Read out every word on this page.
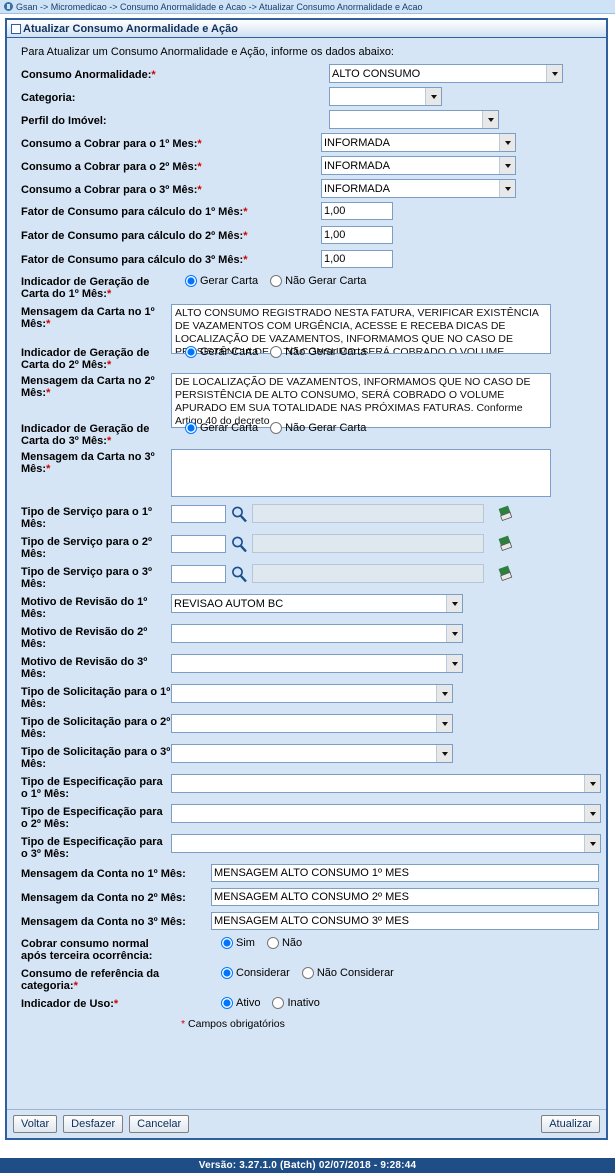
Gsan -> Micromedicao -> Consumo Anormalidade e Acao -> Atualizar Consumo Anormalidade e Acao
Atualizar Consumo Anormalidade e Ação
Para Atualizar um Consumo Anormalidade e Ação, informe os dados abaixo:
Consumo Anormalidade:*
ALTO CONSUMO
Categoria:
Perfil do Imóvel:
Consumo a Cobrar para o 1º Mes:*
INFORMADA
Consumo a Cobrar para o 2º Mês:*
INFORMADA
Consumo a Cobrar para o 3º Mês:*
INFORMADA
Fator de Consumo para cálculo do 1º Mês:*
1,00
Fator de Consumo para cálculo do 2º Mês:*
1,00
Fator de Consumo para cálculo do 3º Mês:*
1,00
Indicador de Geração de Carta do 1º Mês:*
Gerar Carta Não Gerar Carta
Mensagem da Carta no 1º Mês:*
ALTO CONSUMO REGISTRADO NESTA FATURA, VERIFICAR EXISTÊNCIA DE VAZAMENTOS COM URGÊNCIA, ACESSE E RECEBA DICAS DE LOCALIZAÇÃO DE VAZAMENTOS, INFORMAMOS QUE NO CASO DE PERSISTÊNCIA DE ALTO CONSUMO, SERÁ COBRADO O VOLUME APURADO EM SUA TOTALIDADE.
Indicador de Geração de Carta do 2º Mês:*
Gerar Carta Não Gerar Carta
Mensagem da Carta no 2º Mês:*
DE LOCALIZAÇÃO DE VAZAMENTOS, INFORMAMOS QUE NO CASO DE PERSISTÊNCIA DE ALTO CONSUMO, SERÁ COBRADO O VOLUME APURADO EM SUA TOTALIDADE NAS PRÓXIMAS FATURAS. Conforme Artigo 40 do decreto
Indicador de Geração de Carta do 3º Mês:*
Gerar Carta Não Gerar Carta
Mensagem da Carta no 3º Mês:*
Tipo de Serviço para o 1º Mês:
Tipo de Serviço para o 2º Mês:
Tipo de Serviço para o 3º Mês:
Motivo de Revisão do 1º Mês:
REVISAO AUTOM BC
Motivo de Revisão do 2º Mês:
Motivo de Revisão do 3º Mês:
Tipo de Solicitação para o 1º Mês:
Tipo de Solicitação para o 2º Mês:
Tipo de Solicitação para o 3º Mês:
Tipo de Especificação para o 1º Mês:
Tipo de Especificação para o 2º Mês:
Tipo de Especificação para o 3º Mês:
Mensagem da Conta no 1º Mês:
MENSAGEM ALTO CONSUMO 1º MES
Mensagem da Conta no 2º Mês:
MENSAGEM ALTO CONSUMO 2º MES
Mensagem da Conta no 3º Mês:
MENSAGEM ALTO CONSUMO 3º MES
Cobrar consumo normal após terceira ocorrência:
Sim Não
Consumo de referência da categoria:*
Considerar Não Considerar
Indicador de Uso:*	Ativo Inativo
* Campos obrigatórios
Voltar	Desfazer	Cancelar	Atualizar
Versão: 3.27.1.0 (Batch) 02/07/2018 - 9:28:44
